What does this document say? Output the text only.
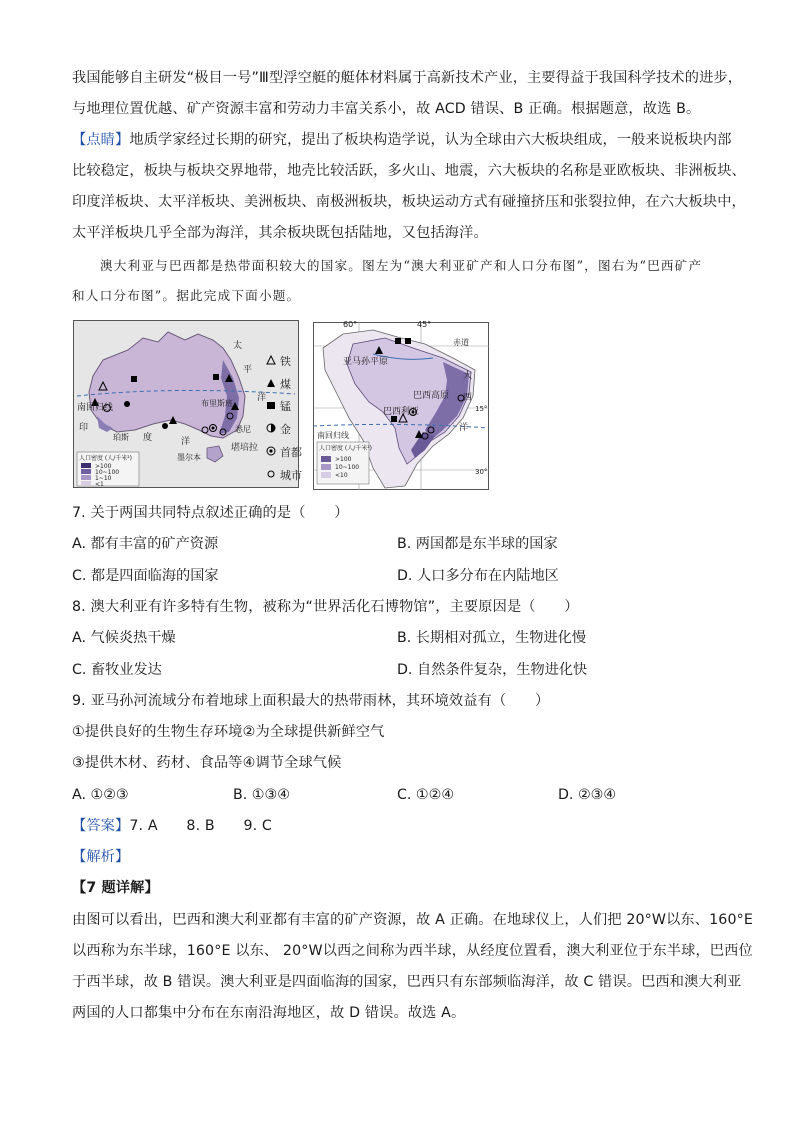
我国能够自主研发“极目一号”Ⅲ型浮空艇的艇体材料属于高新技术产业，主要得益于我国科学技术的进步，
与地理位置优越、矿产资源丰富和劳动力丰富关系小，故 ACD 错误、B 正确。根据题意，故选 B。
【点睛】地质学家经过长期的研究，提出了板块构造学说，认为全球由六大板块组成，一般来说板块内部
比较稳定，板块与板块交界地带，地壳比较活跃，多火山、地震，六大板块的名称是亚欧板块、非洲板块、
印度洋板块、太平洋板块、美洲板块、南极洲板块，板块运动方式有碰撞挤压和张裂拉伸，在六大板块中，
太平洋板块几乎全部为海洋，其余板块既包括陆地，又包括海洋。
澳大利亚与巴西都是热带面积较大的国家。图左为“澳大利亚矿产和人口分布图”，图右为“巴西矿产
和人口分布图”。据此完成下面小题。
太
平
洋
南回归线
印
度	洋
珀斯
布里斯班
悉尼
墨尔本
堪培拉
人口密度 (人/千米²)
>100
10~100
1~10
<1
铁
煤
锰
金
首都
城市
60°	45°
赤道
亚马孙平原
巴西高原
巴西利亚
南回归线
大
西
洋
15°
30°
人口密度 (人/千米²)
>100
10~100
<10
7. 关于两国共同特点叙述正确的是（　　）
A. 都有丰富的矿产资源	B. 两国都是东半球的国家
C. 都是四面临海的国家	D. 人口多分布在内陆地区
8. 澳大利亚有许多特有生物，被称为“世界活化石博物馆”，主要原因是（　　）
A. 气候炎热干燥	B. 长期相对孤立，生物进化慢
C. 畜牧业发达	D. 自然条件复杂，生物进化快
9. 亚马孙河流域分布着地球上面积最大的热带雨林，其环境效益有（　　）
①提供良好的生物生存环境②为全球提供新鲜空气
③提供木材、药材、食品等④调节全球气候
A. ①②③	B. ①③④	C. ①②④	D. ②③④
【答案】7. A　　8. B　　9. C
【解析】
【7 题详解】
由图可以看出，巴西和澳大利亚都有丰富的矿产资源，故 A 正确。在地球仪上，人们把 20°W以东、160°E
以西称为东半球，160°E 以东、 20°W以西之间称为西半球，从经度位置看，澳大利亚位于东半球，巴西位
于西半球，故 B 错误。澳大利亚是四面临海的国家，巴西只有东部频临海洋，故 C 错误。巴西和澳大利亚
两国的人口都集中分布在东南沿海地区，故 D 错误。故选 A。
